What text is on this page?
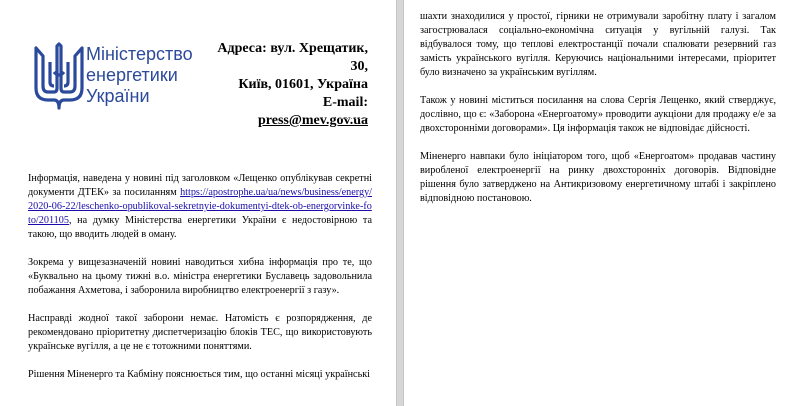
Міністерство
енергетики
України
Адреса: вул. Хрещатик,
30,
Київ, 01601, Україна
E-mail:
press@mev.gov.ua

Інформація, наведена у новині під заголовком «Лещенко опублікував секретні документи ДТЕК» за посиланням https://apostrophe.ua/ua/news/business/energy/2020-06-22/leschenko-opublikoval-sekretnyie-dokumentyi-dtek-ob-energorvinke-foto/201105, на думку Міністерства енергетики України є недостовірною та такою, що вводить людей в оману.

Зокрема у вищезазначеній новині наводиться хибна інформація про те, що «Буквально на цьому тижні в.о. міністра енергетики Буславець задовольнила побажання Ахметова, і заборонила виробництво електроенергії з газу».

Насправді жодної такої заборони немає. Натомість є розпорядження, де рекомендовано пріоритетну диспетчеризацію блоків ТЕС, що використовують українське вугілля, а це не є тотожними поняттями.

Рішення Міненерго та Кабміну пояснюється тим, що останні місяці українські

шахти знаходилися у простої, гірники не отримували заробітну плату і загалом загострювалася соціально-економічна ситуація у вугільній галузі. Так відбувалося тому, що теплові електростанції почали спалювати резервний газ замість українського вугілля. Керуючись національними інтересами, пріоритет було визначено за українським вугіллям.

Також у новині міститься посилання на слова Сергія Лещенко, який стверджує, дослівно, що є: «Заборона «Енергоатому» проводити аукціони для продажу е/е за двохсторонніми договорами». Ця інформація також не відповідає дійсності.

Міненерго навпаки було ініціатором того, щоб «Енергоатом» продавав частину виробленої електроенергії на ринку двохсторонніх договорів. Відповідне рішення було затверджено на Антикризовому енергетичному штабі і закріплено відповідною постановою.
